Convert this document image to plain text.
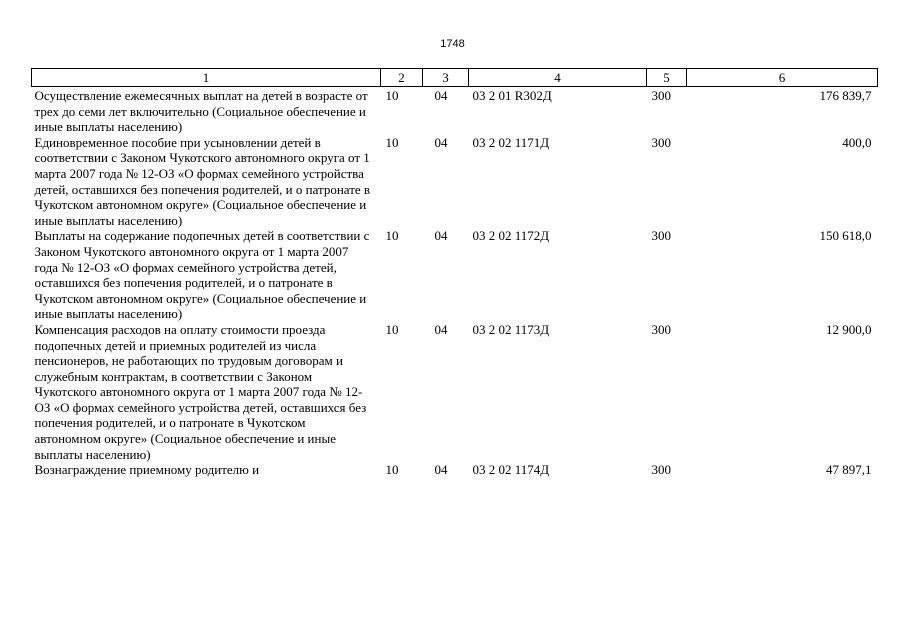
1748
1	2	3	4	5	6
Осуществление ежемесячных выплат на детей в возрасте от трех до семи лет включительно (Социальное обеспечение и иные выплаты населению)	10	04	03 2 01 R302Д	300	176 839,7
Единовременное пособие при усыновлении детей в соответствии с Законом Чукотского автономного округа от 1 марта 2007 года № 12-ОЗ «О формах семейного устройства детей, оставшихся без попечения родителей, и о патронате в Чукотском автономном округе» (Социальное обеспечение и иные выплаты населению)	10	04	03 2 02 1171Д	300	400,0
Выплаты на содержание подопечных детей в соответствии с Законом Чукотского автономного округа от 1 марта 2007 года № 12-ОЗ «О формах семейного устройства детей, оставшихся без попечения родителей, и о патронате в Чукотском автономном округе» (Социальное обеспечение и иные выплаты населению)	10	04	03 2 02 1172Д	300	150 618,0
Компенсация расходов на оплату стоимости проезда подопечных детей и приемных родителей из числа пенсионеров, не работающих по трудовым договорам и служебным контрактам, в соответствии с Законом Чукотского автономного округа от 1 марта 2007 года № 12-ОЗ «О формах семейного устройства детей, оставшихся без попечения родителей, и о патронате в Чукотском автономном округе» (Социальное обеспечение и иные выплаты населению)	10	04	03 2 02 1173Д	300	12 900,0
Вознаграждение приемному родителю и	10	04	03 2 02 1174Д	300	47 897,1
